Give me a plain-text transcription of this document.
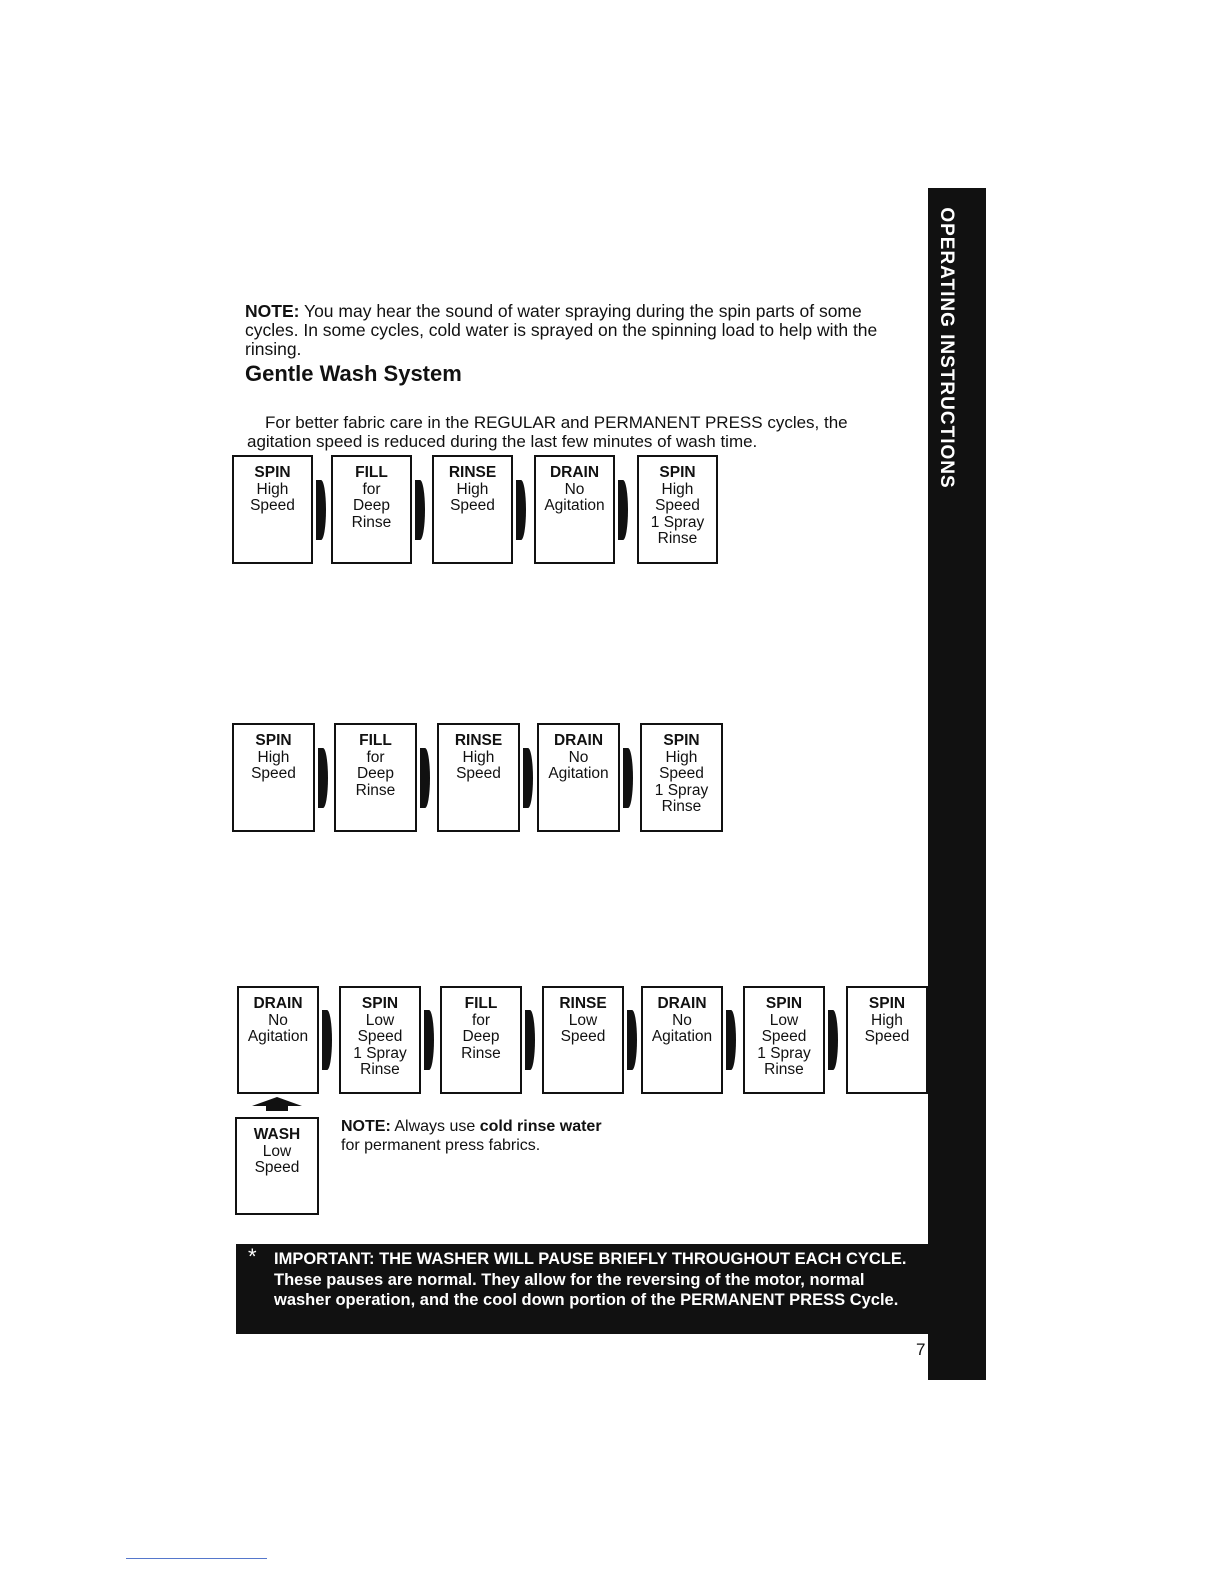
NOTE: You may hear the sound of water spraying during the spin parts of some cycles. In some cycles, cold water is sprayed on the spinning load to help with the rinsing.

Gentle Wash System

For better fabric care in the REGULAR and PERMANENT PRESS cycles, the agitation speed is reduced during the last few minutes of wash time.	OPERATING INSTRUCTIONS
SPIN
High
Speed
FILL
for
Deep
Rinse
RINSE
High
Speed
DRAIN
No
Agitation
SPIN
High
Speed
1 Spray
Rinse
SPIN
High
Speed
FILL
for
Deep
Rinse
RINSE
High
Speed
DRAIN
No
Agitation
SPIN
High
Speed
1 Spray
Rinse
DRAIN
No
Agitation
SPIN
Low
Speed
1 Spray
Rinse
FILL
for
Deep
Rinse
RINSE
Low
Speed
DRAIN
No
Agitation
SPIN
Low
Speed
1 Spray
Rinse
SPIN
High
Speed
WASH
Low
Speed

NOTE: Always use cold rinse water
for permanent press fabrics.

* IMPORTANT: THE WASHER WILL PAUSE BRIEFLY THROUGHOUT EACH CYCLE. These pauses are normal. They allow for the reversing of the motor, normal washer operation, and the cool down portion of the PERMANENT PRESS Cycle.
7
